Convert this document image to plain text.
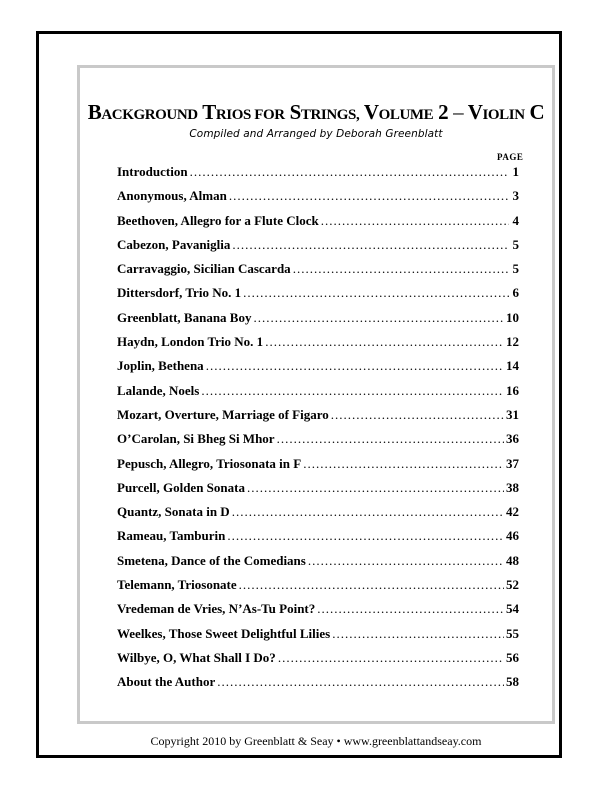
BACKGROUND TRIOS FOR STRINGS, VOLUME 2 – VIOLIN C
Compiled and Arranged by Deborah Greenblatt
PAGE
Introduction .....	1
Anonymous, Alman .....	3
Beethoven, Allegro for a Flute Clock .....	4
Cabezon, Pavaniglia .....	5
Carravaggio, Sicilian Cascarda .....	5
Dittersdorf, Trio No. 1 .....	6
Greenblatt, Banana Boy .....	10
Haydn, London Trio No. 1 .....	12
Joplin, Bethena .....	14
Lalande, Noels .....	16
Mozart, Overture, Marriage of Figaro .....	31
O’Carolan, Si Bheg Si Mhor .....	36
Pepusch, Allegro, Triosonata in F .....	37
Purcell, Golden Sonata .....	38
Quantz, Sonata in D .....	42
Rameau, Tamburin .....	46
Smetena, Dance of the Comedians .....	48
Telemann, Triosonate .....	52
Vredeman de Vries, N’As-Tu Point? .....	54
Weelkes, Those Sweet Delightful Lilies .....	55
Wilbye, O, What Shall I Do? .....	56
About the Author .....	58
Copyright 2010 by Greenblatt & Seay • www.greenblattandseay.com
